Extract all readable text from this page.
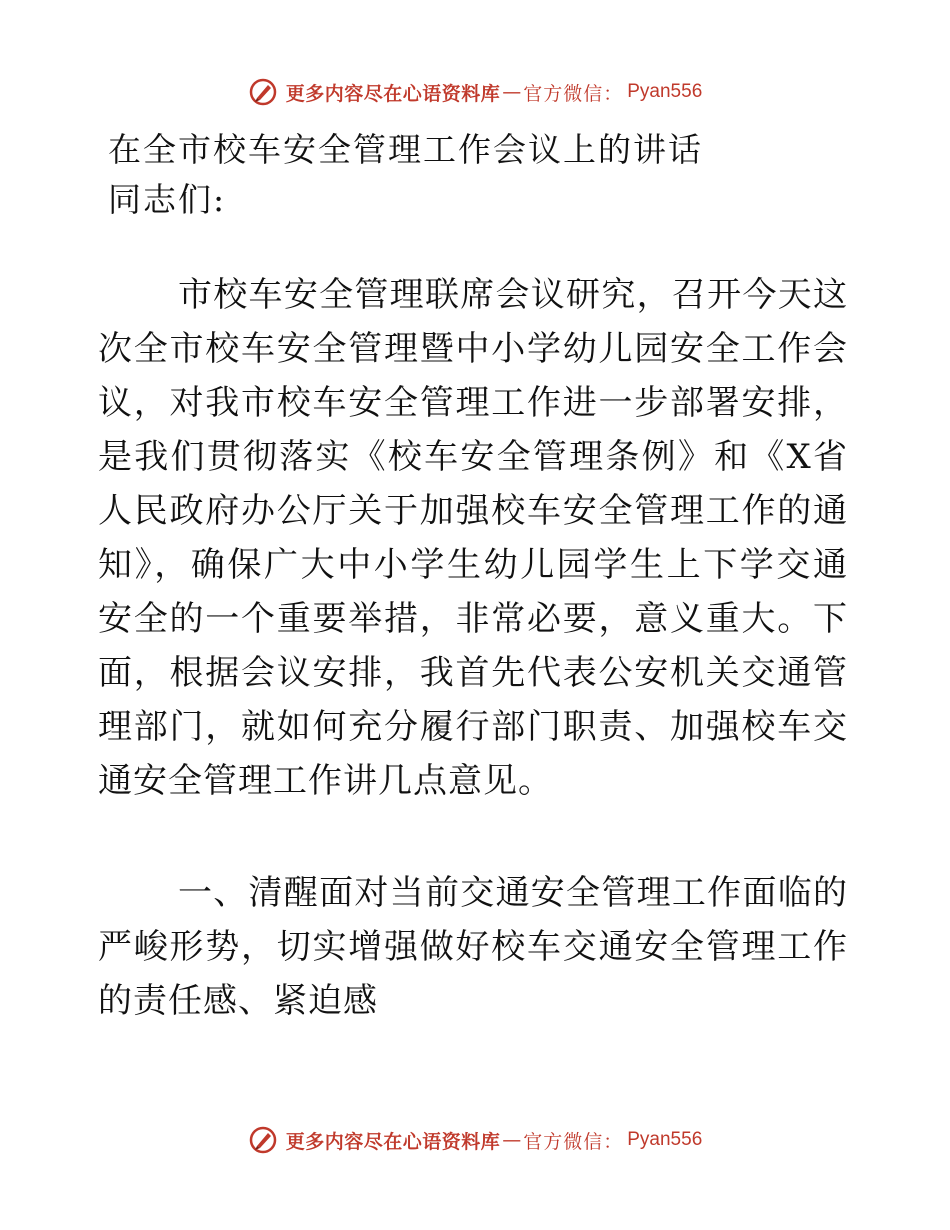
更多内容尽在心语资料库 — 官方微信： Pyan556
在全市校车安全管理工作会议上的讲话
同志们:

市校车安全管理联席会议研究，召开今天这次全市校车安全管理暨中小学幼儿园安全工作会议，对我市校车安全管理工作进一步部署安排，是我们贯彻落实《校车安全管理条例》和《X省人民政府办公厅关于加强校车安全管理工作的通知》，确保广大中小学生幼儿园学生上下学交通安全的一个重要举措，非常必要，意义重大。下面，根据会议安排，我首先代表公安机关交通管理部门，就如何充分履行部门职责、加强校车交通安全管理工作讲几点意见。

一、清醒面对当前交通安全管理工作面临的严峻形势，切实增强做好校车交通安全管理工作的责任感、紧迫感

更多内容尽在心语资料库 — 官方微信： Pyan556
